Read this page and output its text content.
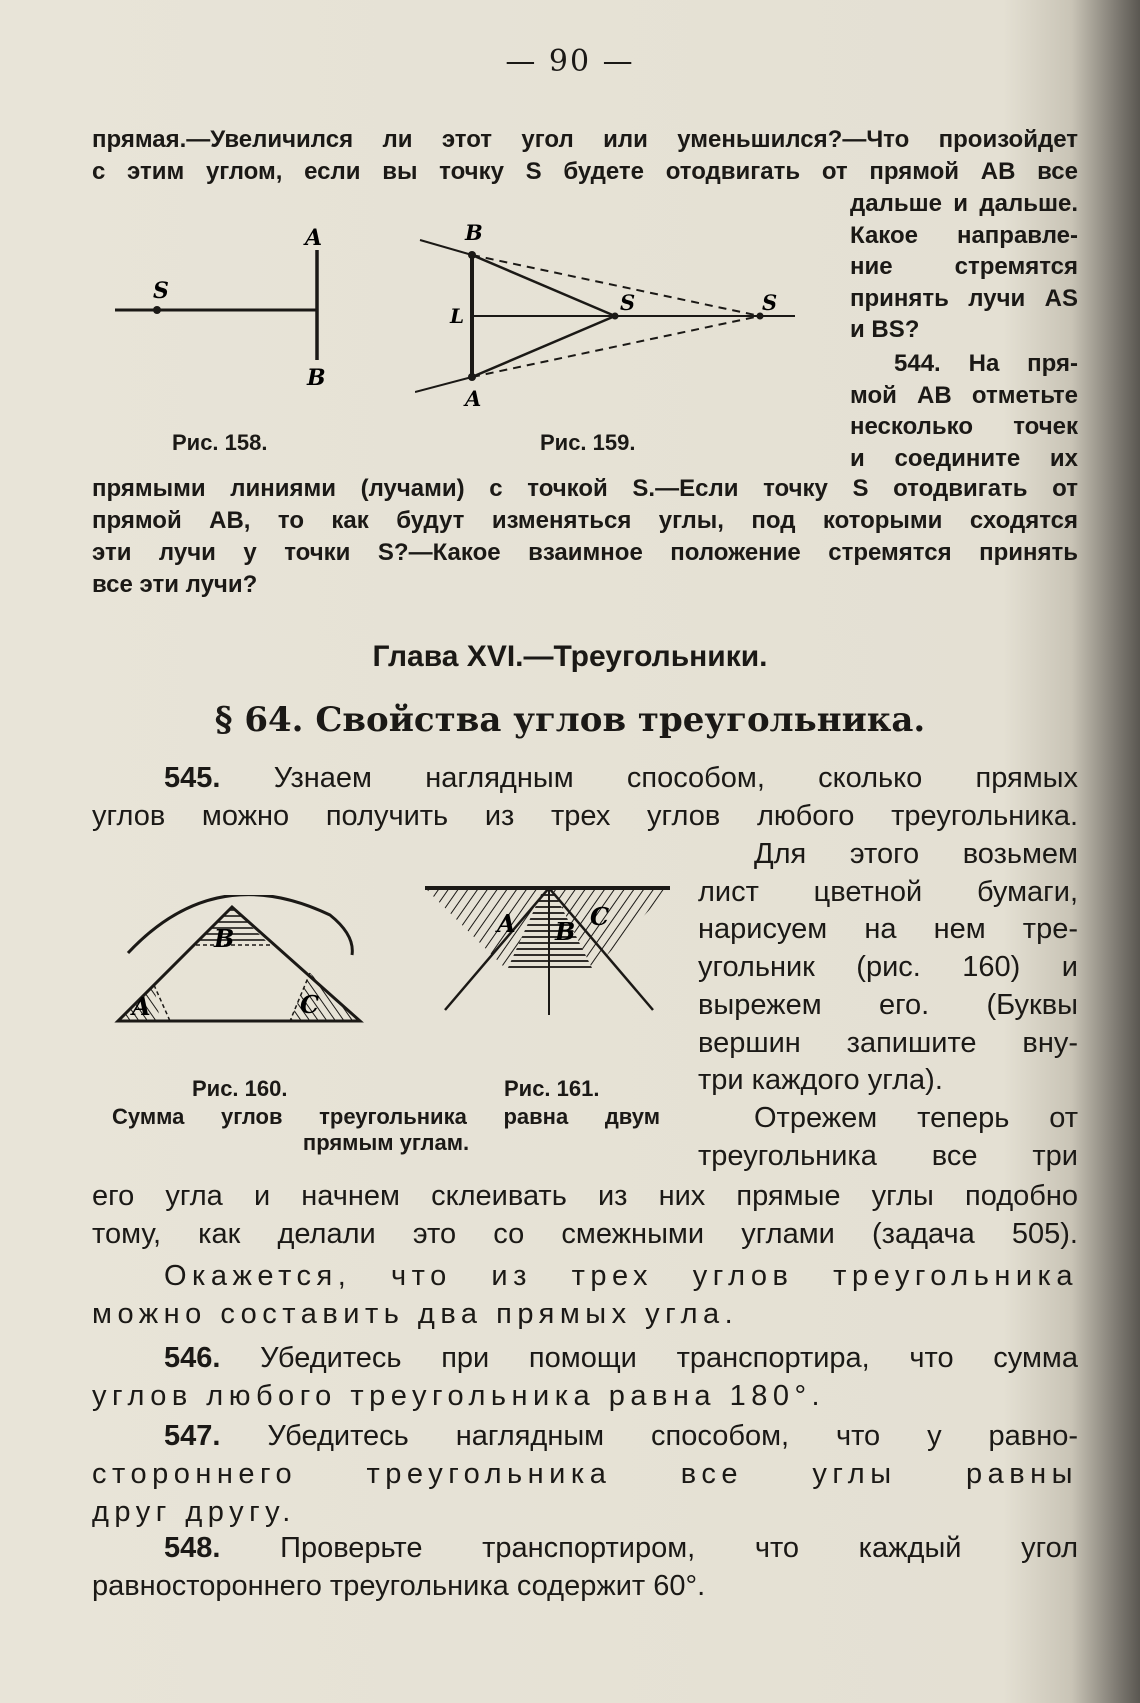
— 90 —

прямая.—Увеличился ли этот угол или уменьшился?—Что произойдет

с этим углом, если вы точку S будете отодвигать от прямой AB все

дальше и дальше.

Какое направле-

ние стремятся

принять лучи AS

и BS?

544. На пря-

мой AB отметьте

несколько точек

и соедините их

S
A
B
Рис. 158.
B
A
L
S	S
Рис. 159.

прямыми линиями (лучами) с точкой S.—Если точку S отодвигать от

прямой AB, то как будут изменяться углы, под которыми сходятся

эти лучи у точки S?—Какое взаимное положение стремятся принять

все эти лучи?

Глава XVI.—Треугольники.
§ 64. Свойства углов треугольника.

545. Узнаем наглядным способом, сколько прямых

углов можно получить из трех углов любого треугольника.

Для этого возьмем

лист цветной бумаги,

нарисуем на нем тре-

угольник (рис. 160) и

вырежем его. (Буквы

вершин запишите вну-

три каждого угла).

Отрежем теперь от

треугольника все три

B
A	C
A B
C
Рис. 160.	Рис. 161.
Сумма углов треугольника равна двум
прямым углам.

его угла и начнем склеивать из них прямые углы подобно

тому, как делали это со смежными углами (задача 505).

Окажется, что из трех углов треугольника

можно составить два прямых угла.

546. Убедитесь при помощи транспортира, что сумма

углов любого треугольника равна 180°.

547. Убедитесь наглядным способом, что у равно-

стороннего треугольника все углы равны

друг другу.

548. Проверьте транспортиром, что каждый угол

равностороннего треугольника содержит 60°.
